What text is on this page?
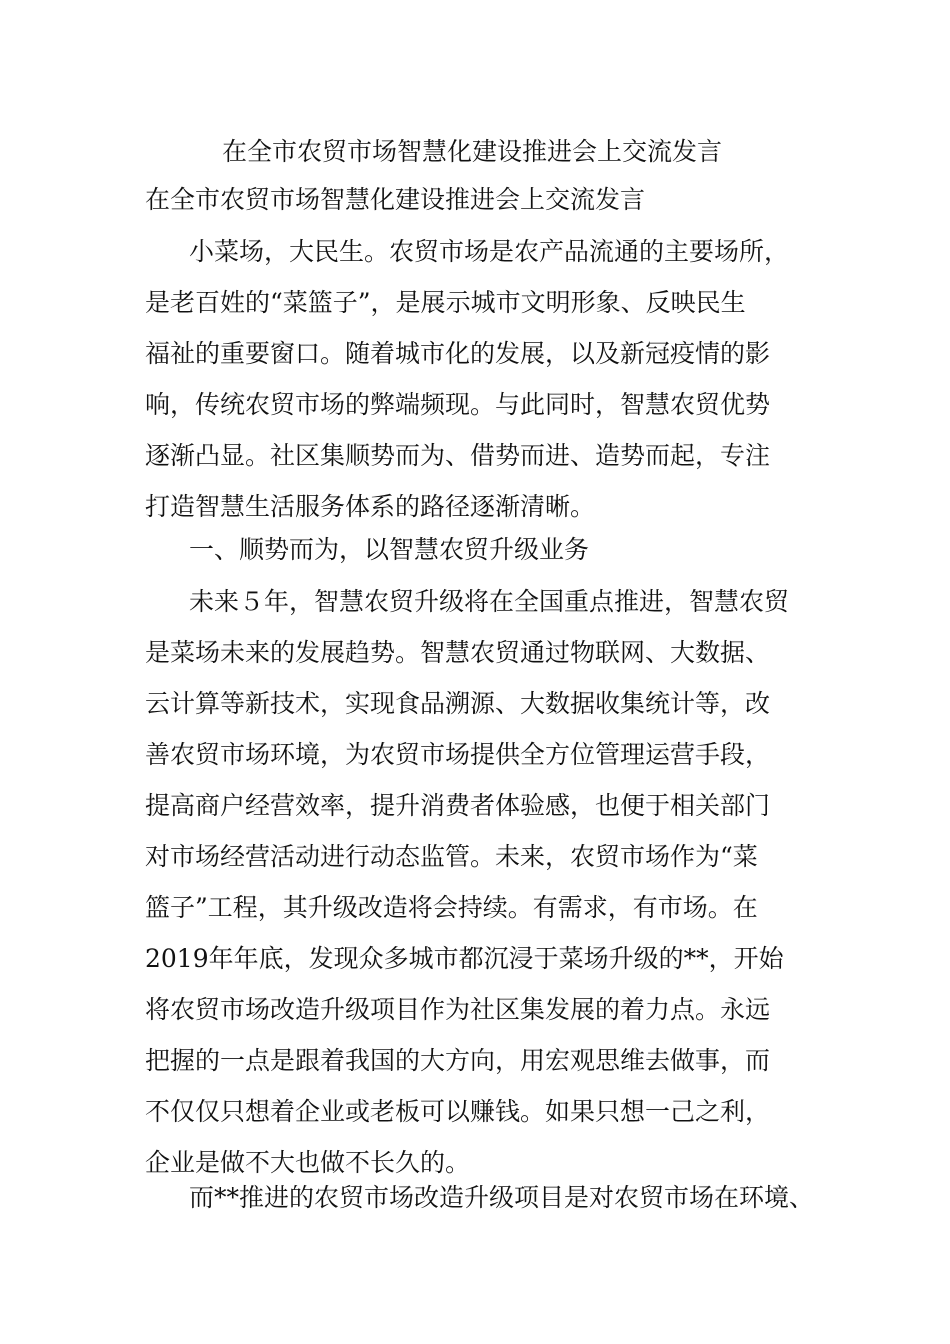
在全市农贸市场智慧化建设推进会上交流发言
在全市农贸市场智慧化建设推进会上交流发言
小菜场，大民生。农贸市场是农产品流通的主要场所，
是老百姓的“菜篮子”，是展示城市文明形象、反映民生
福祉的重要窗口。随着城市化的发展，以及新冠疫情的影
响，传统农贸市场的弊端频现。与此同时，智慧农贸优势
逐渐凸显。社区集顺势而为、借势而进、造势而起，专注
打造智慧生活服务体系的路径逐渐清晰。
一、顺势而为，以智慧农贸升级业务
未来５年，智慧农贸升级将在全国重点推进，智慧农贸
是菜场未来的发展趋势。智慧农贸通过物联网、大数据、
云计算等新技术，实现食品溯源、大数据收集统计等，改
善农贸市场环境，为农贸市场提供全方位管理运营手段，
提高商户经营效率，提升消费者体验感，也便于相关部门
对市场经营活动进行动态监管。未来，农贸市场作为“菜
篮子”工程，其升级改造将会持续。有需求，有市场。在
2019年年底，发现众多城市都沉浸于菜场升级的**，开始
将农贸市场改造升级项目作为社区集发展的着力点。永远
把握的一点是跟着我国的大方向，用宏观思维去做事，而
不仅仅只想着企业或老板可以赚钱。如果只想一己之利，
企业是做不大也做不长久的。
而**推进的农贸市场改造升级项目是对农贸市场在环境、
